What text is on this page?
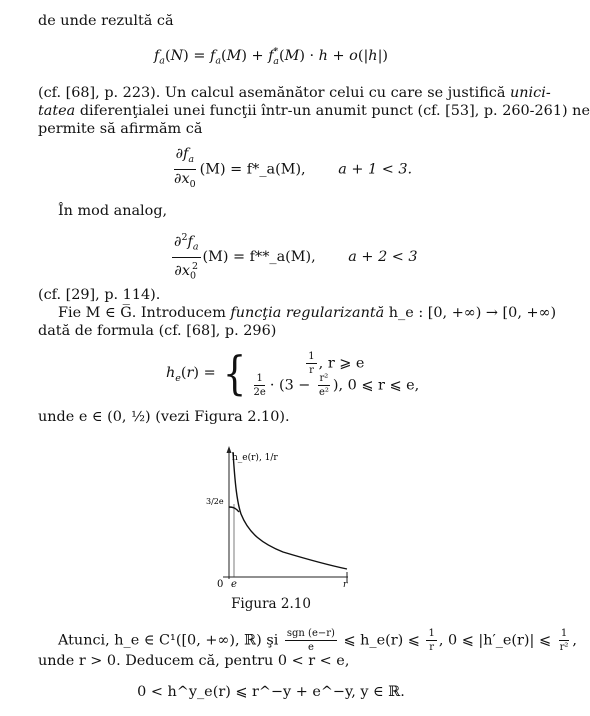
de unde rezultă că
$f_a(N) = f_a(M) + f^*_a(M) \cdot h + o(|h|)$
(cf. [68], p. 223). Un calcul asemănător celui cu care se justifică unici-
tatea diferenţialei unei funcţii într-un anumit punct (cf. [53], p. 260-261) ne
permite să afirmăm că
$\frac{\partial f_a}{\partial x_0} (M)$ = f*_a(M), a + 1 < 3.
În mod analog,
$\frac{\partial^2f_a}{\partial x_0^2} (M)$ = f**_a(M), a + 2 < 3
(cf. [29], p. 114).
Fie M ∈ G̅. Introducem funcţia regularizantă h_e : [0, +∞) → [0, +∞)
dată de formula (cf. [68], p. 296)
$h_e(r)$ = {	$\frac{1}{r}$ , r ⩾ e
$\frac{1}{2e} \cdot (3 - \frac{\text{r²}}{\text{e²}}$ ), 0 ⩽ r ⩽ e,
unde e ∈ (0, ½) (vezi Figura 2.10).
h_e(r), 1/r
3/2e
0 e	r
Figura 2.10
Atunci, h_e ∈ C¹([0, +∞), ℝ) şi $\frac{\text{sgn (e−r)}}{e}$ ⩽ h_e(r) ⩽ $\frac{1}{r}$ , 0 ⩽ |h′_e(r)| ⩽ $\frac{1}{\text{r²}}$ ,
unde r > 0. Deducem că, pentru 0 < r < e,
0 < h^y_e(r) ⩽ r^−y + e^−y, y ∈ ℝ.
